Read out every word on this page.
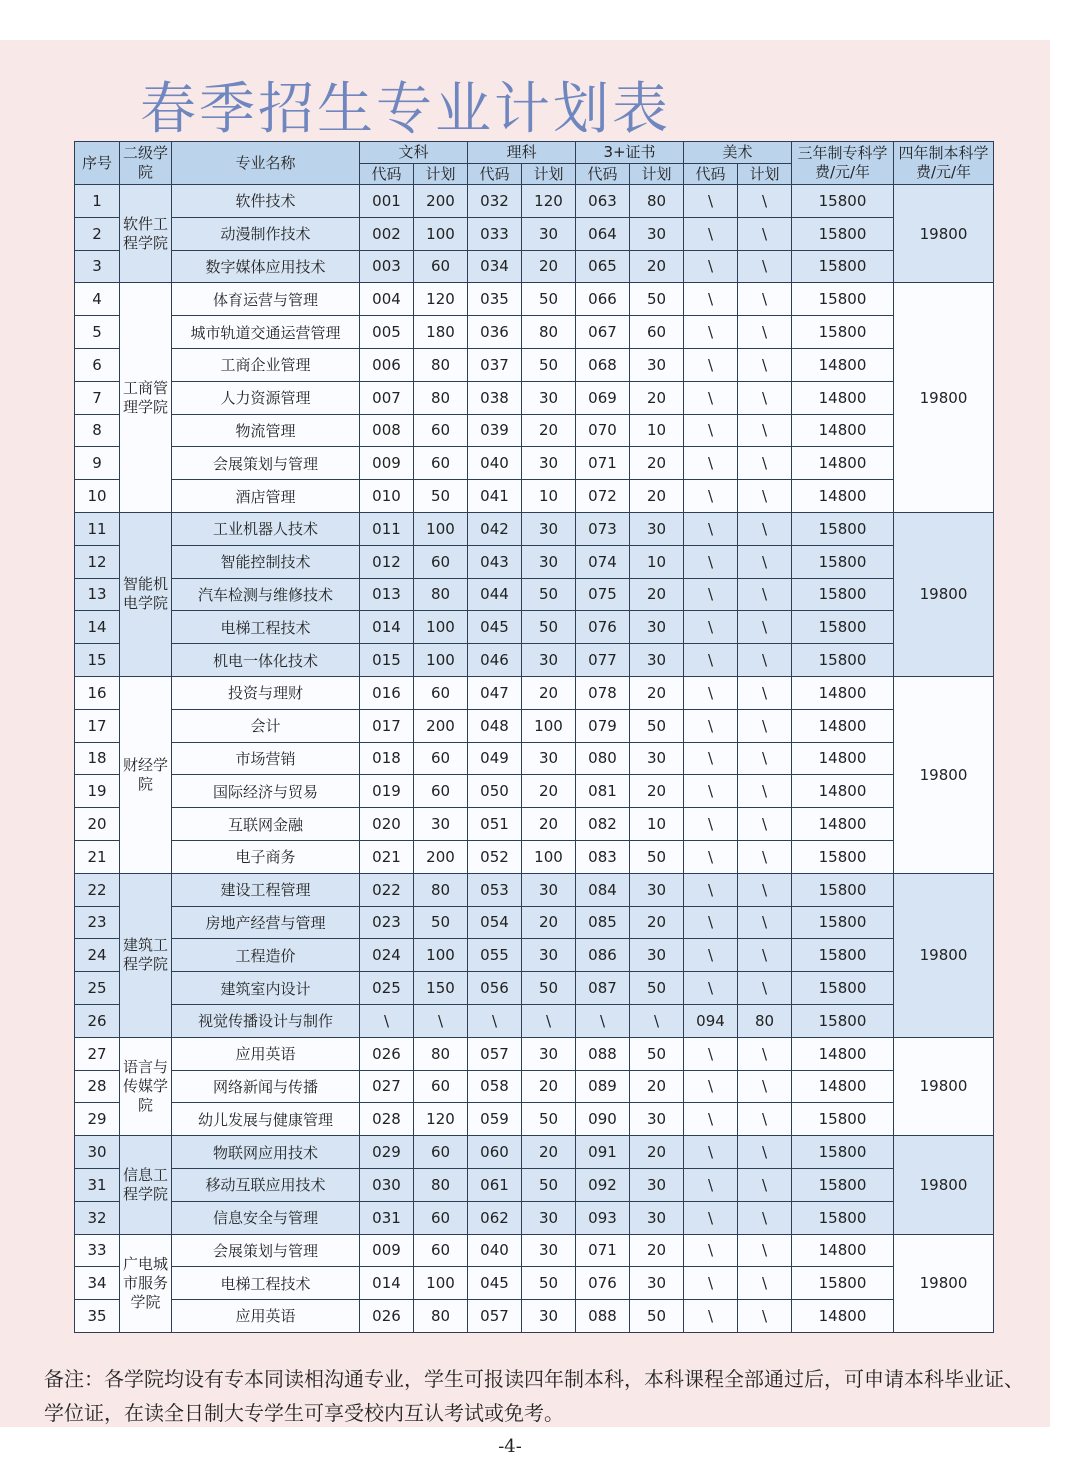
春季招生专业计划表
序号	二级学院	专业名称	文科		理科		3+证书		美术		三年制专科学费/元/年	四年制本科学费/元/年
			代码	计划	代码	计划	代码	计划	代码	计划		
1	软件工程学院	软件技术	001	200	032	120	063	80	\	\	15800	19800
2		动漫制作技术	002	100	033	30	064	30	\	\	15800	
3		数字媒体应用技术	003	60	034	20	065	20	\	\	15800	
4	工商管理学院	体育运营与管理	004	120	035	50	066	50	\	\	15800	19800
5		城市轨道交通运营管理	005	180	036	80	067	60	\	\	15800	
6		工商企业管理	006	80	037	50	068	30	\	\	14800	
7		人力资源管理	007	80	038	30	069	20	\	\	14800	
8		物流管理	008	60	039	20	070	10	\	\	14800	
9		会展策划与管理	009	60	040	30	071	20	\	\	14800	
10		酒店管理	010	50	041	10	072	20	\	\	14800	
11	智能机电学院	工业机器人技术	011	100	042	30	073	30	\	\	15800	19800
12		智能控制技术	012	60	043	30	074	10	\	\	15800	
13		汽车检测与维修技术	013	80	044	50	075	20	\	\	15800	
14		电梯工程技术	014	100	045	50	076	30	\	\	15800	
15		机电一体化技术	015	100	046	30	077	30	\	\	15800	
16	财经学院	投资与理财	016	60	047	20	078	20	\	\	14800	19800
17		会计	017	200	048	100	079	50	\	\	14800	
18		市场营销	018	60	049	30	080	30	\	\	14800	
19		国际经济与贸易	019	60	050	20	081	20	\	\	14800	
20		互联网金融	020	30	051	20	082	10	\	\	14800	
21		电子商务	021	200	052	100	083	50	\	\	15800	
22	建筑工程学院	建设工程管理	022	80	053	30	084	30	\	\	15800	19800
23		房地产经营与管理	023	50	054	20	085	20	\	\	15800	
24		工程造价	024	100	055	30	086	30	\	\	15800	
25		建筑室内设计	025	150	056	50	087	50	\	\	15800	
26		视觉传播设计与制作	\	\	\	\	\	\	094	80	15800	
27	语言与传媒学院	应用英语	026	80	057	30	088	50	\	\	14800	19800
28		网络新闻与传播	027	60	058	20	089	20	\	\	14800	
29		幼儿发展与健康管理	028	120	059	50	090	30	\	\	15800	
30	信息工程学院	物联网应用技术	029	60	060	20	091	20	\	\	15800	19800
31		移动互联应用技术	030	80	061	50	092	30	\	\	15800	
32		信息安全与管理	031	60	062	30	093	30	\	\	15800	
33	广电城市服务学院	会展策划与管理	009	60	040	30	071	20	\	\	14800	19800
34		电梯工程技术	014	100	045	50	076	30	\	\	15800	
35		应用英语	026	80	057	30	088	50	\	\	14800	
备注：各学院均设有专本同读相沟通专业，学生可报读四年制本科，本科课程全部通过后，可申请本科毕业证、学位证，在读全日制大专学生可享受校内互认考试或免考。
-4-
